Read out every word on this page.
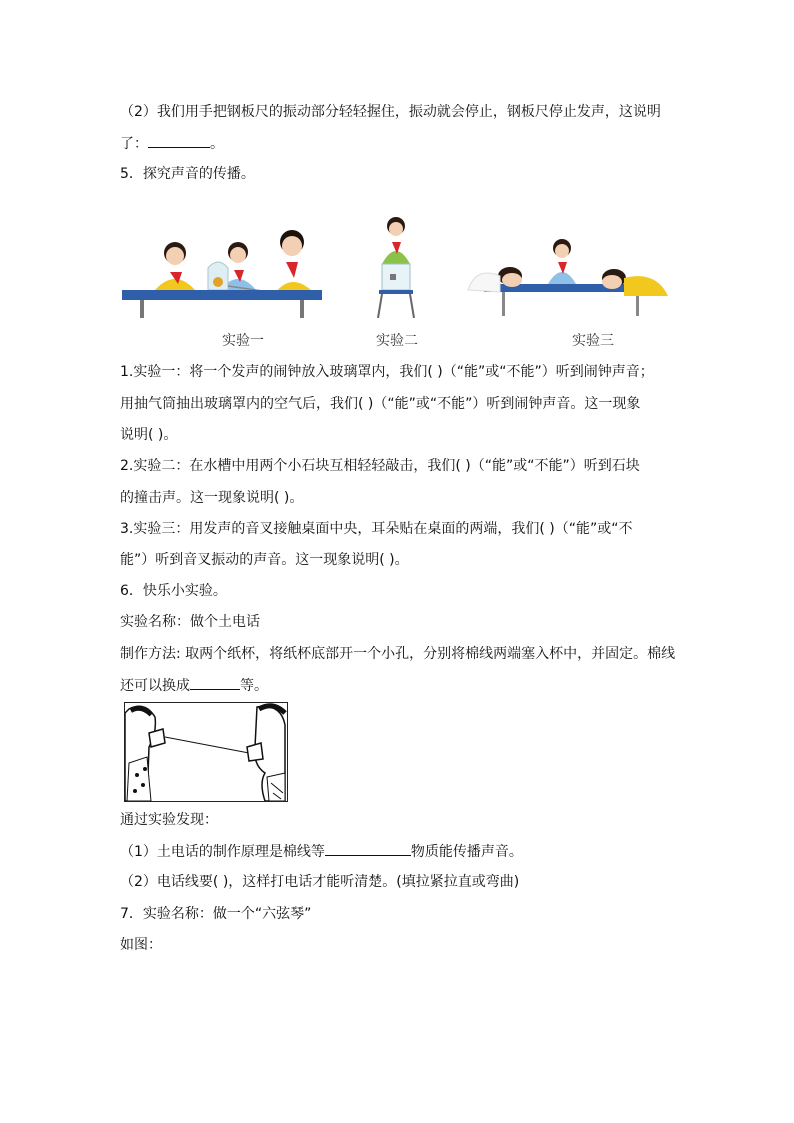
（2）我们用手把钢板尺的振动部分轻轻握住，振动就会停止，钢板尺停止发声，这说明
了：	。
5．探究声音的传播。
实验一	实验二	实验三
1.实验一：将一个发声的闹钟放入玻璃罩内，我们( )（“能”或“不能”）听到闹钟声音；
用抽气筒抽出玻璃罩内的空气后，我们( )（“能”或“不能”）听到闹钟声音。这一现象
说明( )。
2.实验二：在水槽中用两个小石块互相轻轻敲击，我们( )（“能”或“不能”）听到石块
的撞击声。这一现象说明( )。
3.实验三：用发声的音叉接触桌面中央，耳朵贴在桌面的两端，我们( )（“能”或“不
能”）听到音叉振动的声音。这一现象说明( )。
6．快乐小实验。
实验名称：做个土电话
制作方法: 取两个纸杯，将纸杯底部开一个小孔，分别将棉线两端塞入杯中，并固定。棉线
还可以换成	等。
通过实验发现：
（1）土电话的制作原理是棉线等	物质能传播声音。
（2）电话线要( )，这样打电话才能听清楚。(填拉紧拉直或弯曲)
7．实验名称：做一个“六弦琴”
如图：
